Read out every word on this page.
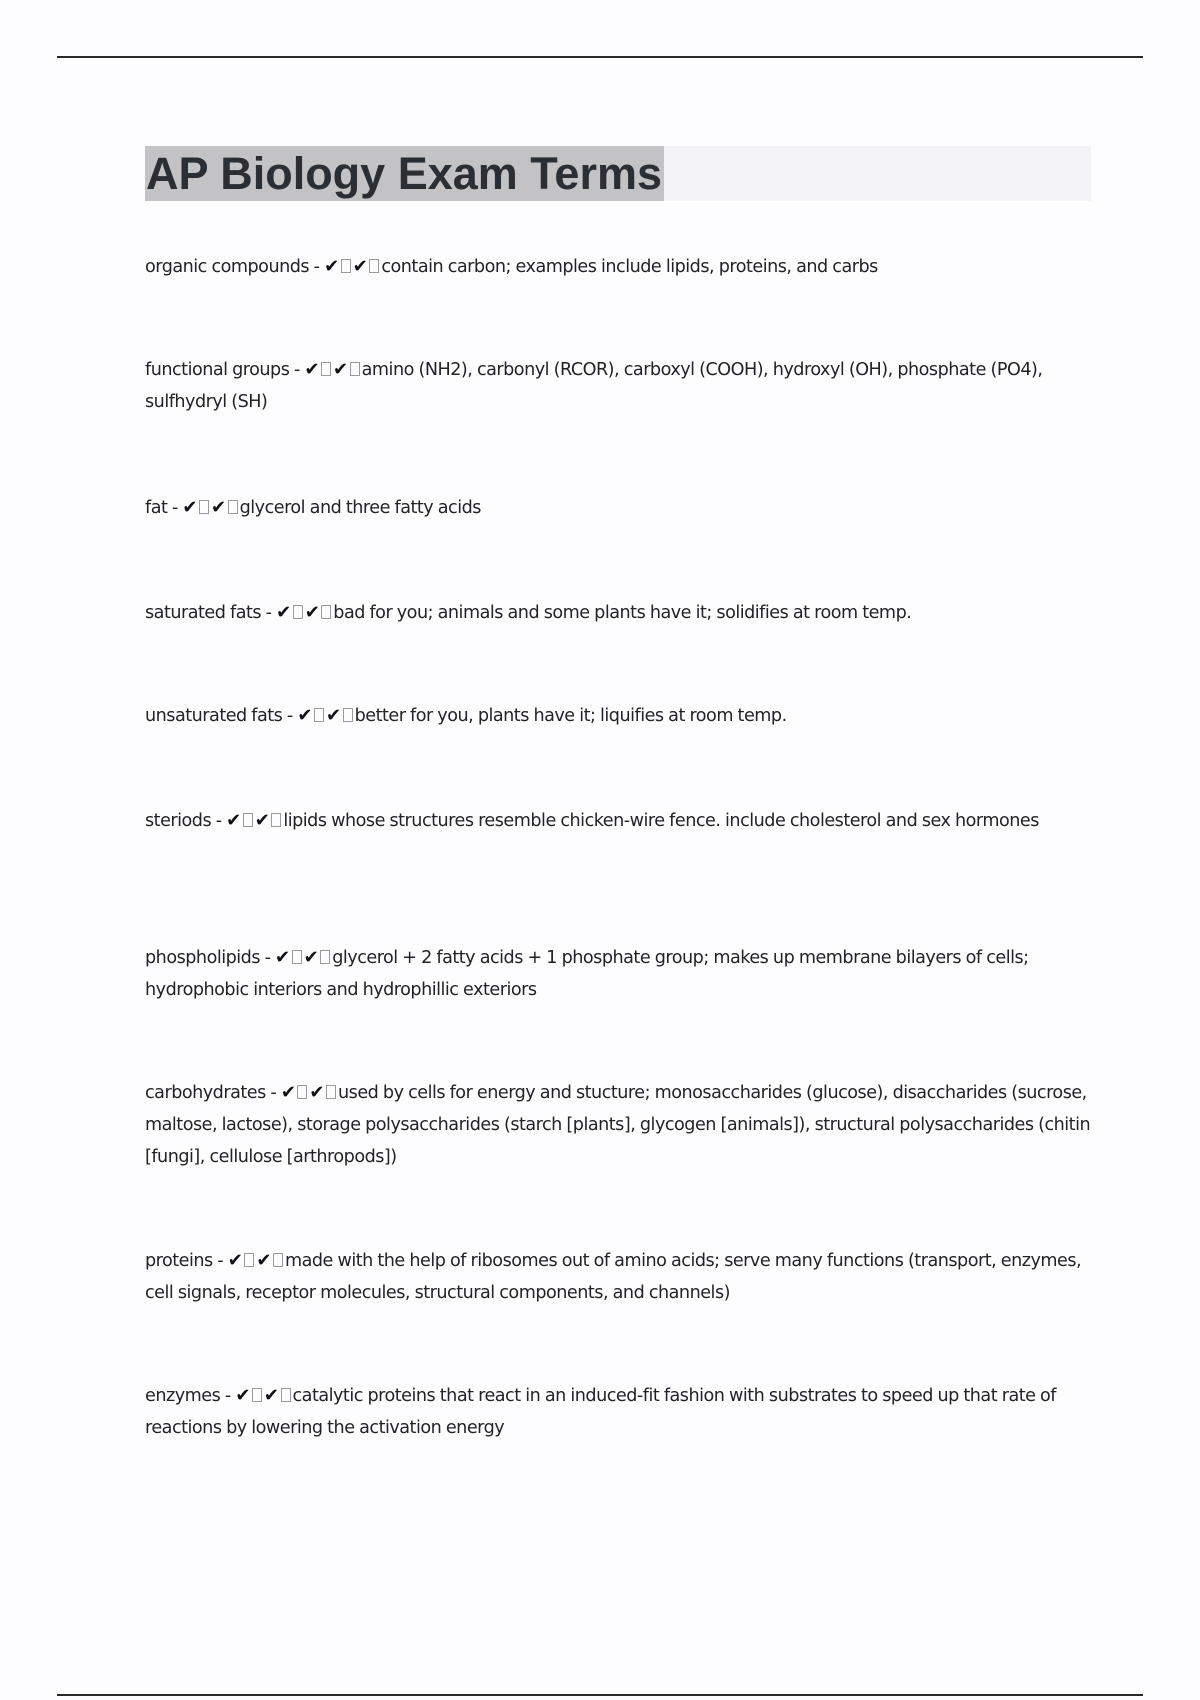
AP Biology Exam Terms
organic compounds - ✔ ✔ contain carbon; examples include lipids, proteins, and carbs
functional groups - ✔ ✔ amino (NH2), carbonyl (RCOR), carboxyl (COOH), hydroxyl (OH), phosphate (PO4), sulfhydryl (SH)
fat - ✔ ✔ glycerol and three fatty acids
saturated fats - ✔ ✔ bad for you; animals and some plants have it; solidifies at room temp.
unsaturated fats - ✔ ✔ better for you, plants have it; liquifies at room temp.
steriods - ✔ ✔ lipids whose structures resemble chicken-wire fence. include cholesterol and sex hormones
phospholipids - ✔ ✔ glycerol + 2 fatty acids + 1 phosphate group; makes up membrane bilayers of cells; hydrophobic interiors and hydrophillic exteriors
carbohydrates - ✔ ✔ used by cells for energy and stucture; monosaccharides (glucose), disaccharides (sucrose, maltose, lactose), storage polysaccharides (starch [plants], glycogen [animals]), structural polysaccharides (chitin [fungi], cellulose [arthropods])
proteins - ✔ ✔ made with the help of ribosomes out of amino acids; serve many functions (transport, enzymes, cell signals, receptor molecules, structural components, and channels)
enzymes - ✔ ✔ catalytic proteins that react in an induced-fit fashion with substrates to speed up that rate of reactions by lowering the activation energy
